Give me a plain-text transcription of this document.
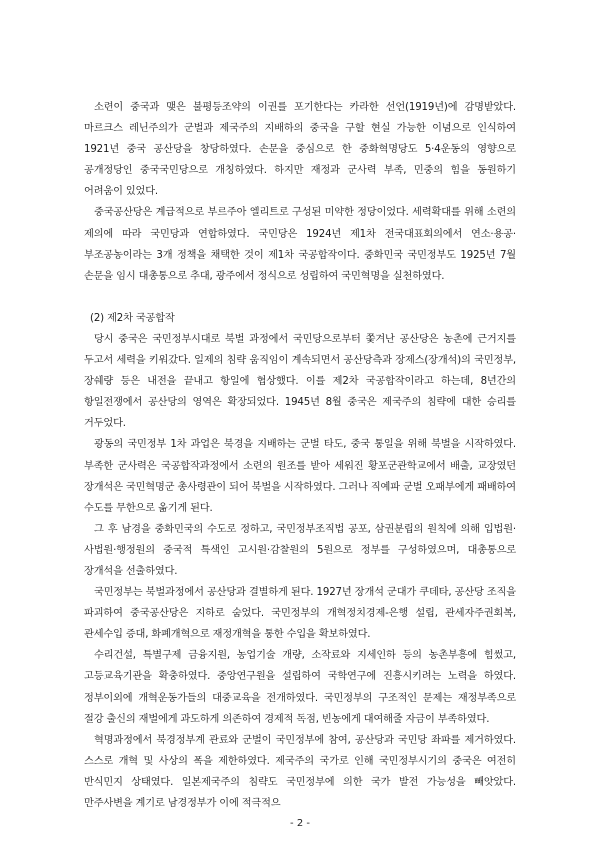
소련이 중국과 맺은 불평등조약의 이권를 포기한다는 카라한 선언(1919년)에 감명받았다. 마르크스 레닌주의가 군벌과 제국주의 지배하의 중국을 구할 현실 가능한 이념으로 인식하여 1921년 중국 공산당을 창당하였다. 손문을 중심으로 한 중화혁명당도 5·4운동의 영향으로 공개정당인 중국국민당으로 개칭하였다. 하지만 재정과 군사력 부족, 민중의 힘을 동원하기 어려움이 있었다.

중국공산당은 계급적으로 부르주아 엘리트로 구성된 미약한 정당이었다. 세력확대를 위해 소련의 제의에 따라 국민당과 연합하였다. 국민당은 1924년 제1차 전국대표회의에서 연소·용공·부조공농이라는 3개 정책을 채택한 것이 제1차 국공합작이다. 중화민국 국민정부도 1925년 7월 손문을 임시 대총통으로 추대, 광주에서 정식으로 성립하여 국민혁명을 실천하였다.

(2) 제2차 국공합작

당시 중국은 국민정부시대로 북벌 과정에서 국민당으로부터 쫓겨난 공산당은 농촌에 근거지를 두고서 세력을 키워갔다. 일제의 침략 움직임이 계속되면서 공산당측과 장제스(장개석)의 국민정부, 장쉐량 등은 내전을 끝내고 항일에 협상했다. 이를 제2차 국공합작이라고 하는데, 8년간의 항일전쟁에서 공산당의 영역은 확장되었다. 1945년 8월 중국은 제국주의 침략에 대한 승리를 거두었다.

광동의 국민정부 1차 과업은 북경을 지배하는 군벌 타도, 중국 통일을 위해 북벌을 시작하였다. 부족한 군사력은 국공합작과정에서 소련의 원조를 받아 세워진 황포군관학교에서 배출, 교장였던 장개석은 국민혁명군 총사령관이 되어 북벌을 시작하였다. 그러나 직예파 군벌 오패부에게 패배하여 수도를 무한으로 옮기게 된다.

그 후 남경을 중화민국의 수도로 정하고, 국민정부조직법 공포, 삼권분립의 원칙에 의해 입법원·사법원·행정원의 중국적 특색인 고시원·감찰원의 5원으로 정부를 구성하였으며, 대총통으로 장개석을 선출하였다.

국민정부는 북벌과정에서 공산당과 결별하게 된다. 1927년 장개석 군대가 쿠데타, 공산당 조직을 파괴하여 중국공산당은 지하로 숨었다. 국민정부의 개혁정치경제-은행 설립, 관세자주권회복, 관세수입 증대, 화폐개혁으로 재정개혁을 통한 수입을 확보하였다.

수리건설, 특별구제 금융지원, 농업기술 개량, 소작료와 지세인하 등의 농촌부흥에 힘썼고, 고등교육기관을 확충하였다. 중앙연구원을 설립하여 국학연구에 진흥시키려는 노력을 하였다. 정부이외에 개혁운동가들의 대중교육을 전개하였다. 국민정부의 구조적인 문제는 재정부족으로 절강 출신의 재벌에게 과도하게 의존하여 경제적 독점, 빈농에게 대여해줄 자금이 부족하였다.

혁명과정에서 북경정부계 관료와 군벌이 국민정부에 참여, 공산당과 국민당 좌파를 제거하였다. 스스로 개혁 및 사상의 폭을 제한하였다. 제국주의 국가로 인해 국민정부시기의 중국은 여전히 반식민지 상태였다. 일본제국주의 침략도 국민정부에 의한 국가 발전 가능성을 빼앗았다. 만주사변을 계기로 남경정부가 이에 적극적으

- 2 -
